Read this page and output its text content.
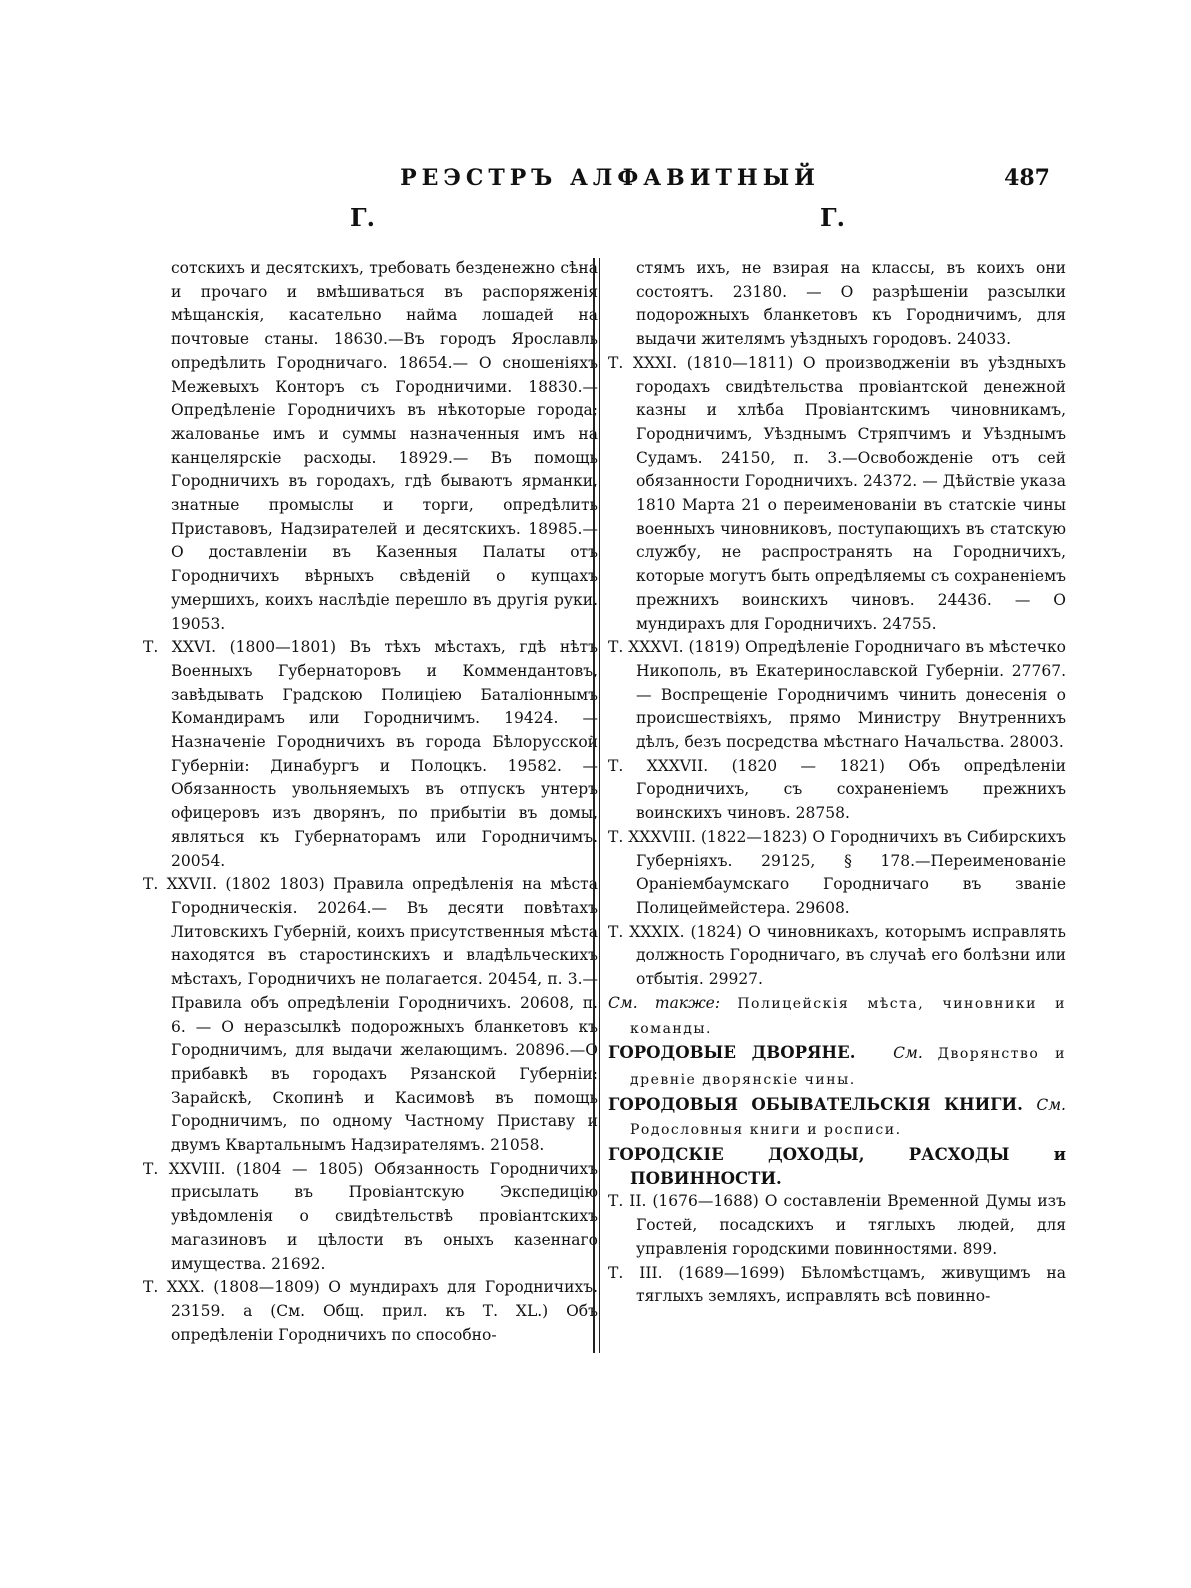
РЕЭСТРЪ АЛФАВИТНЫЙ	487
Г.	Г.

сотскихъ и десятскихъ, требовать безденежно сѣна и прочаго и вмѣшиваться въ распоряженія мѣщанскія, касательно найма лошадей на почтовые станы. 18630.—Въ городъ Ярославль опредѣлить Городничаго. 18654.— О сношеніяхъ Межевыхъ Конторъ съ Городничими. 18830.—Опредѣленіе Городничихъ въ нѣкоторые города; жалованье имъ и суммы назначенныя имъ на канцелярскіе расходы. 18929.— Въ помощь Городничихъ въ городахъ, гдѣ бываютъ ярманки, знатные промыслы и торги, опредѣлить Приставовъ, Надзирателей и десятскихъ. 18985.— О доставленіи въ Казенныя Палаты отъ Городничихъ вѣрныхъ свѣденій о купцахъ умершихъ, коихъ наслѣдіе перешло въ другія руки. 19053.

Т. XXVI. (1800—1801) Въ тѣхъ мѣстахъ, гдѣ нѣтъ Военныхъ Губернаторовъ и Коммендантовъ, завѣдывать Градскою Полиціею Баталіоннымъ Командирамъ или Городничимъ. 19424. —Назначеніе Городничихъ въ города Бѣлорусской Губерніи: Динабургъ и Полоцкъ. 19582. — Обязанность увольняемыхъ въ отпускъ унтеръ офицеровъ изъ дворянъ, по прибытіи въ домы, являться къ Губернаторамъ или Городничимъ. 20054.

Т. XXVII. (1802 1803) Правила опредѣленія на мѣста Городническія. 20264.— Въ десяти повѣтахъ Литовскихъ Губерній, коихъ присутственныя мѣста находятся въ старостинскихъ и владѣльческихъ мѣстахъ, Городничихъ не полагается. 20454, п. 3.—Правила объ опредѣленіи Городничихъ. 20608, п. 6. — О неразсылкѣ подорожныхъ бланкетовъ къ Городничимъ, для выдачи желающимъ. 20896.—О прибавкѣ въ городахъ Рязанской Губерніи: Зарайскѣ, Скопинѣ и Касимовѣ въ помощь Городничимъ, по одному Частному Приставу и двумъ Квартальнымъ Надзирателямъ. 21058.

Т. XXVIII. (1804 — 1805) Обязанность Городничихъ присылать въ Провіантскую Экспедицію увѣдомленія о свидѣтельствѣ провіантскихъ магазиновъ и цѣлости въ оныхъ казеннаго имущества. 21692.

Т. XXX. (1808—1809) О мундирахъ для Городничихъ. 23159. а (См. Общ. прил. къ Т. XL.) Объ опредѣленіи Городничихъ по способно-

стямъ ихъ, не взирая на классы, въ коихъ они состоятъ. 23180. — О разрѣшеніи разсылки подорожныхъ бланкетовъ къ Городничимъ, для выдачи жителямъ уѣздныхъ городовъ. 24033.

Т. XXXI. (1810—1811) О производженіи въ уѣздныхъ городахъ свидѣтельства провіантской денежной казны и хлѣба Провіантскимъ чиновникамъ, Городничимъ, Уѣзднымъ Стряпчимъ и Уѣзднымъ Судамъ. 24150, п. 3.—Освобожденіе отъ сей обязанности Городничихъ. 24372. — Дѣйствіе указа 1810 Марта 21 о переименованіи въ статскіе чины военныхъ чиновниковъ, поступающихъ въ статскую службу, не распространять на Городничихъ, которые могутъ быть опредѣляемы съ сохраненіемъ прежнихъ воинскихъ чиновъ. 24436. — О мундирахъ для Городничихъ. 24755.

Т. XXXVI. (1819) Опредѣленіе Городничаго въ мѣстечко Никополь, въ Екатеринославской Губерніи. 27767. — Воспрещеніе Городничимъ чинить донесенія о происшествіяхъ, прямо Министру Внутреннихъ дѣлъ, безъ посредства мѣстнаго Начальства. 28003.

Т. XXXVII. (1820 — 1821) Объ опредѣленіи Городничихъ, съ сохраненіемъ прежнихъ воинскихъ чиновъ. 28758.

Т. XXXVIII. (1822—1823) О Городничихъ въ Сибирскихъ Губерніяхъ. 29125, § 178.—Переименованіе Ораніембаумскаго Городничаго въ званіе Полицеймейстера. 29608.

Т. XXXIX. (1824) О чиновникахъ, которымъ исправлять должность Городничаго, въ случаѣ его болѣзни или отбытія. 29927.

См. также: Полицейскія мѣста, чиновники и команды.

ГОРОДОВЫЕ ДВОРЯНЕ. См. Дворянство и древніе дворянскіе чины.

ГОРОДОВЫЯ ОБЫВАТЕЛЬСКІЯ КНИГИ. См. Родословныя книги и росписи.

ГОРОДСКІЕ ДОХОДЫ, РАСХОДЫ и ПОВИННОСТИ.

Т. II. (1676—1688) О составленіи Временной Думы изъ Гостей, посадскихъ и тяглыхъ людей, для управленія городскими повинностями. 899.

Т. III. (1689—1699) Бѣломѣстцамъ, живущимъ на тяглыхъ земляхъ, исправлять всѣ повинно-
